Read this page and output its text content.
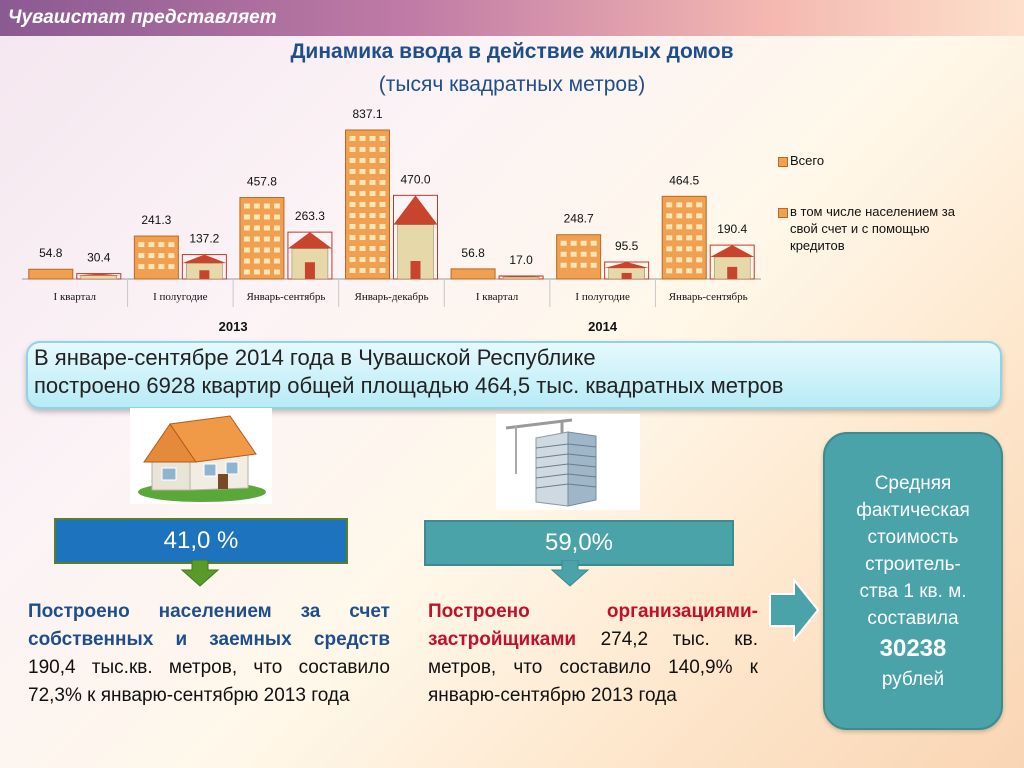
Чувашстат представляет
Динамика ввода в действие жилых домов
(тысяч квадратных метров)
54.8 30.4
I квартал
241.3
137.2
I полугодие
457.8
263.3
Январь-сентябрь
837.1
470.0
Январь-декабрь
56.8
17.0
I квартал
248.7
95.5
I полугодие
464.5
190.4
Январь-сентябрь
2013	2014
Всего
в том числе населением за
свой счет и с помощью
кредитов
В январе-сентябре 2014 года в Чувашской Республике
построено 6928 квартир общей площадью 464,5 тыс. квадратных метров
41,0 %	59,0%
Построено населением за счет собственных и заемных средств 190,4 тыс.кв. метров, что составило 72,3% к январю-сентябрю 2013 года
Построено организациями-застройщиками 274,2 тыс. кв. метров, что составило 140,9% к январю-сентябрю 2013 года
Средняя
фактическая
стоимость
строитель-
ства 1 кв. м.
составила
30238
рублей
